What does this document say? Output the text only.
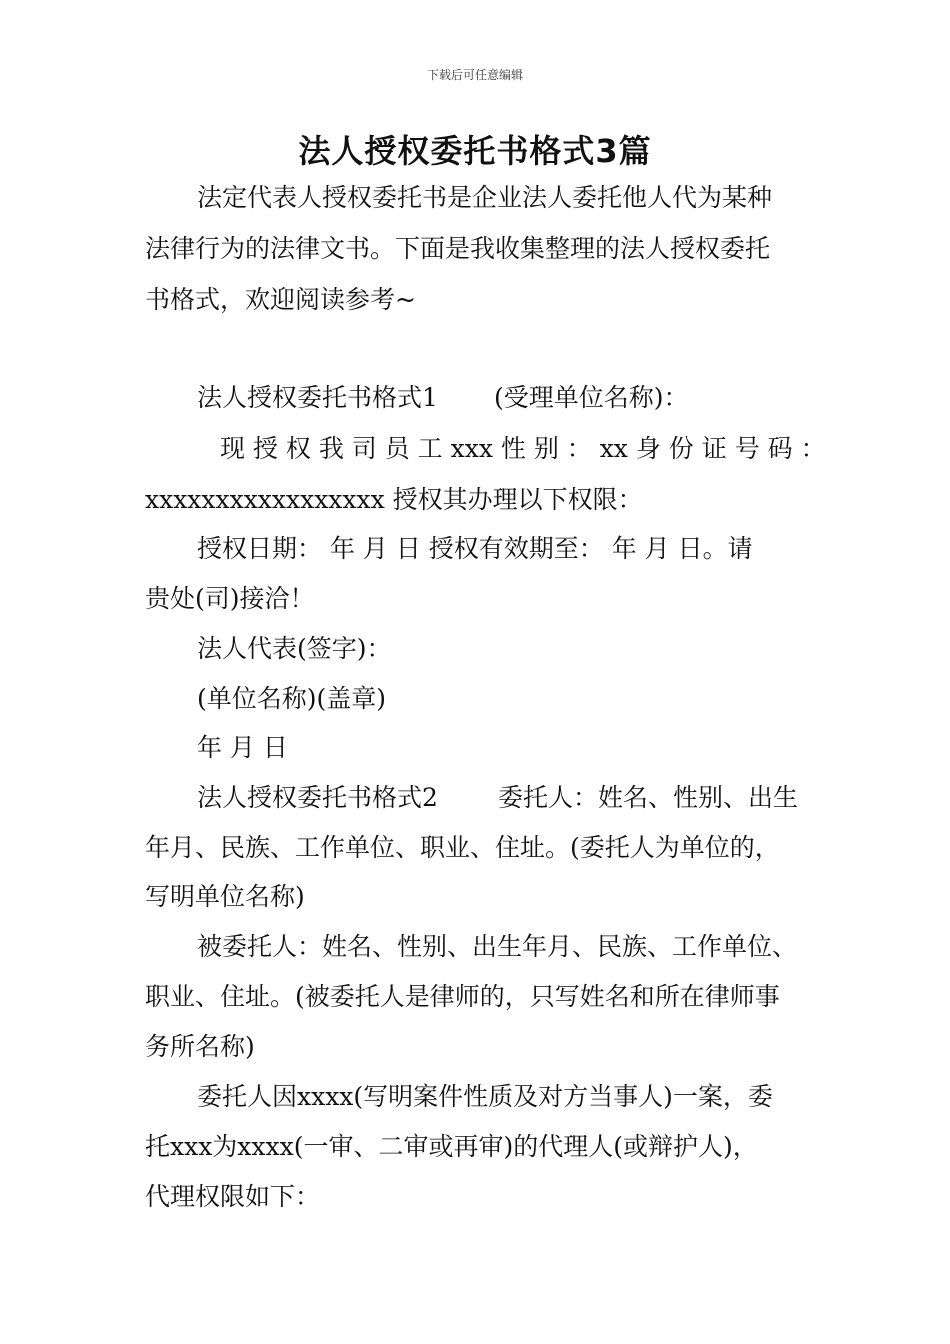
下载后可任意编辑
法人授权委托书格式3篇
法定代表人授权委托书是企业法人委托他人代为某种
法律行为的法律文书。下面是我收集整理的法人授权委托
书格式，欢迎阅读参考~
法人授权委托书格式1 (受理单位名称)：
现 授 权 我 司 员 工 xxx 性 别 ： xx 身 份 证 号 码 ：
xxxxxxxxxxxxxxxxx 授权其办理以下权限：
授权日期： 年 月 日 授权有效期至： 年 月 日。请
贵处(司)接洽！
法人代表(签字)：
(单位名称)(盖章)
年 月 日
法人授权委托书格式2 委托人：姓名、性别、出生
年月、民族、工作单位、职业、住址。(委托人为单位的，
写明单位名称)
被委托人：姓名、性别、出生年月、民族、工作单位、
职业、住址。(被委托人是律师的，只写姓名和所在律师事
务所名称)
委托人因xxxx(写明案件性质及对方当事人)一案，委
托xxx为xxxx(一审、二审或再审)的代理人(或辩护人)，
代理权限如下：
